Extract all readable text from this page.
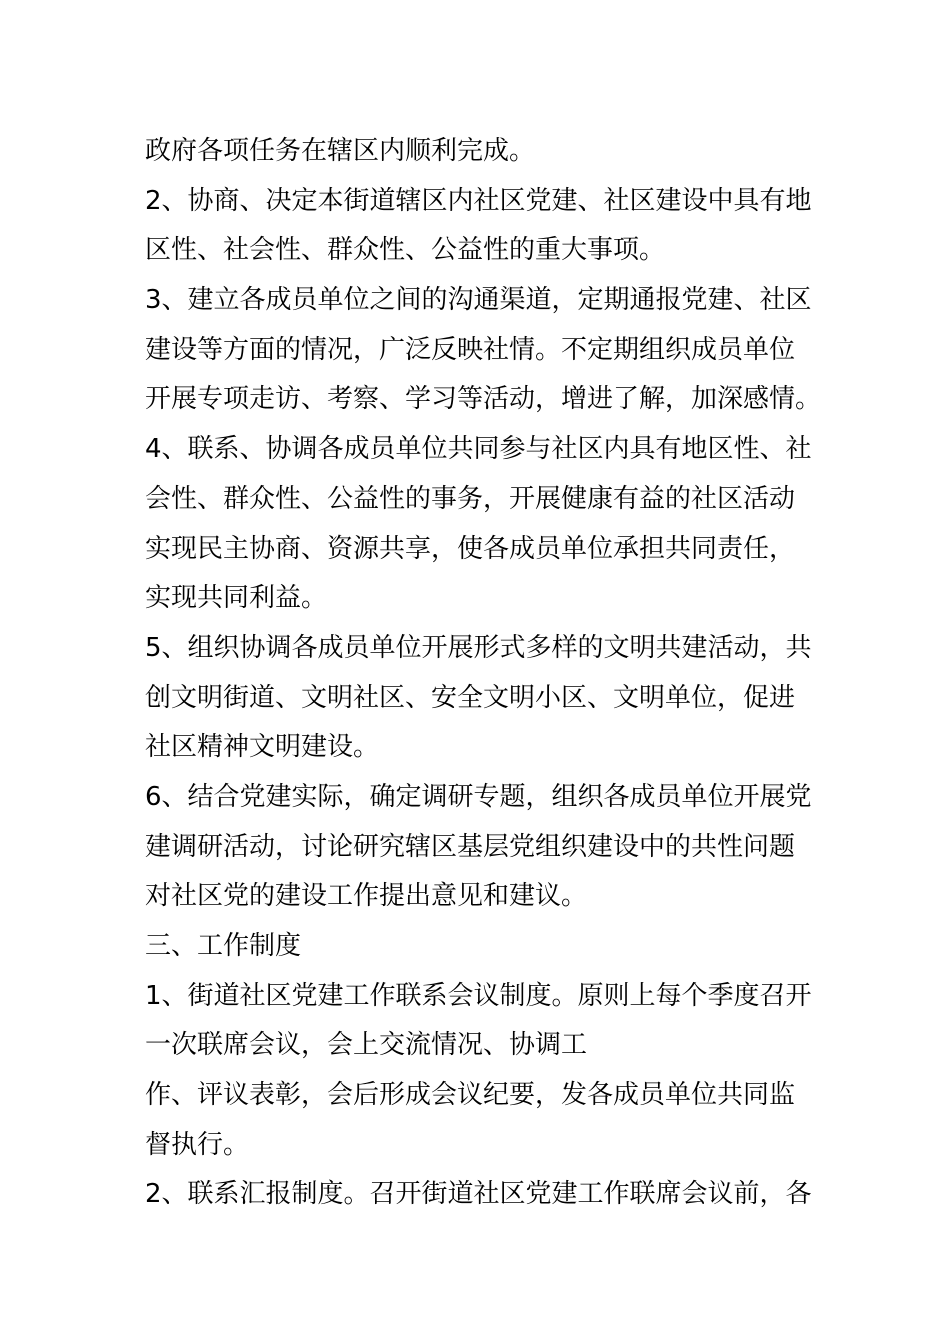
政府各项任务在辖区内顺利完成。
2、协商、决定本街道辖区内社区党建、社区建设中具有地
区性、社会性、群众性、公益性的重大事项。
3、建立各成员单位之间的沟通渠道，定期通报党建、社区
建设等方面的情况，广泛反映社情。不定期组织成员单位
开展专项走访、考察、学习等活动，增进了解，加深感情。
4、联系、协调各成员单位共同参与社区内具有地区性、社
会性、群众性、公益性的事务，开展健康有益的社区活动
实现民主协商、资源共享，使各成员单位承担共同责任，
实现共同利益。
5、组织协调各成员单位开展形式多样的文明共建活动，共
创文明街道、文明社区、安全文明小区、文明单位，促进
社区精神文明建设。
6、结合党建实际，确定调研专题，组织各成员单位开展党
建调研活动，讨论研究辖区基层党组织建设中的共性问题
对社区党的建设工作提出意见和建议。
三、工作制度
1、街道社区党建工作联系会议制度。原则上每个季度召开
一次联席会议，会上交流情况、协调工
作、评议表彰，会后形成会议纪要，发各成员单位共同监
督执行。
2、联系汇报制度。召开街道社区党建工作联席会议前，各
